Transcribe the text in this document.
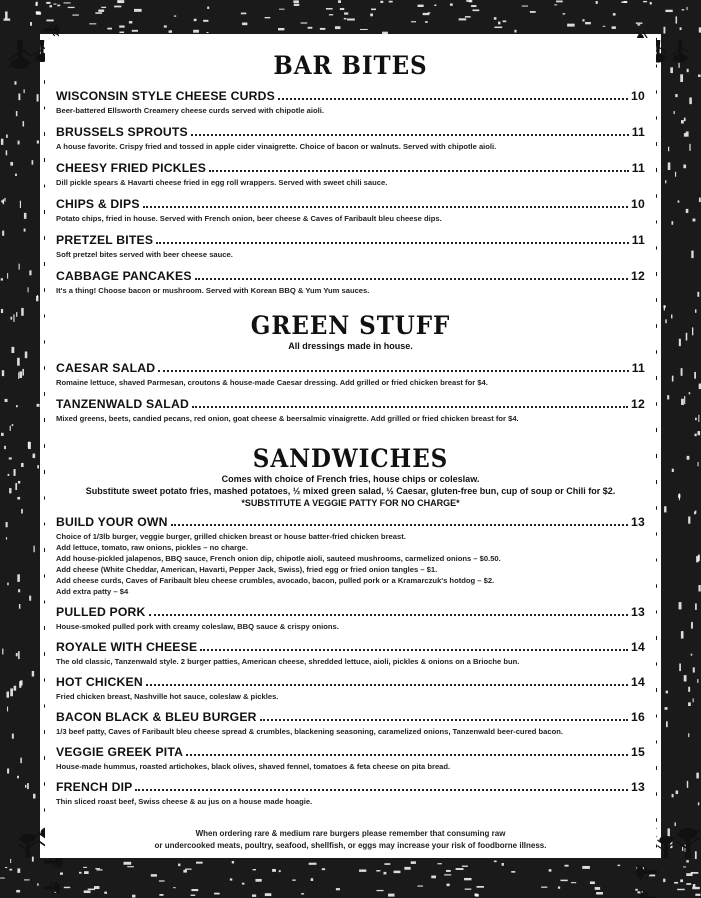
BAR BITES
WISCONSIN STYLE CHEESE CURDS	10
Beer-battered Ellsworth Creamery cheese curds served with chipotle aioli.
BRUSSELS SPROUTS	11
A house favorite. Crispy fried and tossed in apple cider vinaigrette. Choice of bacon or walnuts. Served with chipotle aioli.
CHEESY FRIED PICKLES	11
Dill pickle spears & Havarti cheese fried in egg roll wrappers. Served with sweet chili sauce.
CHIPS & DIPS	10
Potato chips, fried in house. Served with French onion, beer cheese & Caves of Faribault bleu cheese dips.
PRETZEL BITES	11
Soft pretzel bites served with beer cheese sauce.
CABBAGE PANCAKES	12
It's a thing! Choose bacon or mushroom. Served with Korean BBQ & Yum Yum sauces.
GREEN STUFF

All dressings made in house.

CAESAR SALAD	11
Romaine lettuce, shaved Parmesan, croutons & house-made Caesar dressing. Add grilled or fried chicken breast for $4.
TANZENWALD SALAD	12
Mixed greens, beets, candied pecans, red onion, goat cheese & beersalmic vinaigrette. Add grilled or fried chicken breast for $4.
SANDWICHES

Comes with choice of French fries, house chips or coleslaw.

Substitute sweet potato fries, mashed potatoes, ½ mixed green salad, ½ Caesar, gluten-free bun, cup of soup or Chili for $2.

*SUBSTITUTE A VEGGIE PATTY FOR NO CHARGE*

BUILD YOUR OWN	13
Choice of 1/3lb burger, veggie burger, grilled chicken breast or house batter-fried chicken breast.
Add lettuce, tomato, raw onions, pickles – no charge.
Add house-pickled jalapenos, BBQ sauce, French onion dip, chipotle aioli, sauteed mushrooms, carmelized onions – $0.50.
Add cheese (White Cheddar, American, Havarti, Pepper Jack, Swiss), fried egg or fried onion tangles – $1.
Add cheese curds, Caves of Faribault bleu cheese crumbles, avocado, bacon, pulled pork or a Kramarczuk's hotdog – $2.
Add extra patty – $4
PULLED PORK	13
House-smoked pulled pork with creamy coleslaw, BBQ sauce & crispy onions.
ROYALE WITH CHEESE	14
The old classic, Tanzenwald style. 2 burger patties, American cheese, shredded lettuce, aioli, pickles & onions on a Brioche bun.
HOT CHICKEN	14
Fried chicken breast, Nashville hot sauce, coleslaw & pickles.
BACON BLACK & BLEU BURGER	16
1/3 beef patty, Caves of Faribault bleu cheese spread & crumbles, blackening seasoning, caramelized onions, Tanzenwald beer-cured bacon.
VEGGIE GREEK PITA	15
House-made hummus, roasted artichokes, black olives, shaved fennel, tomatoes & feta cheese on pita bread.
FRENCH DIP	13
Thin sliced roast beef, Swiss cheese & au jus on a house made hoagie.
When ordering rare & medium rare burgers please remember that consuming raw
or undercooked meats, poultry, seafood, shellfish, or eggs may increase your risk of foodborne illness.
